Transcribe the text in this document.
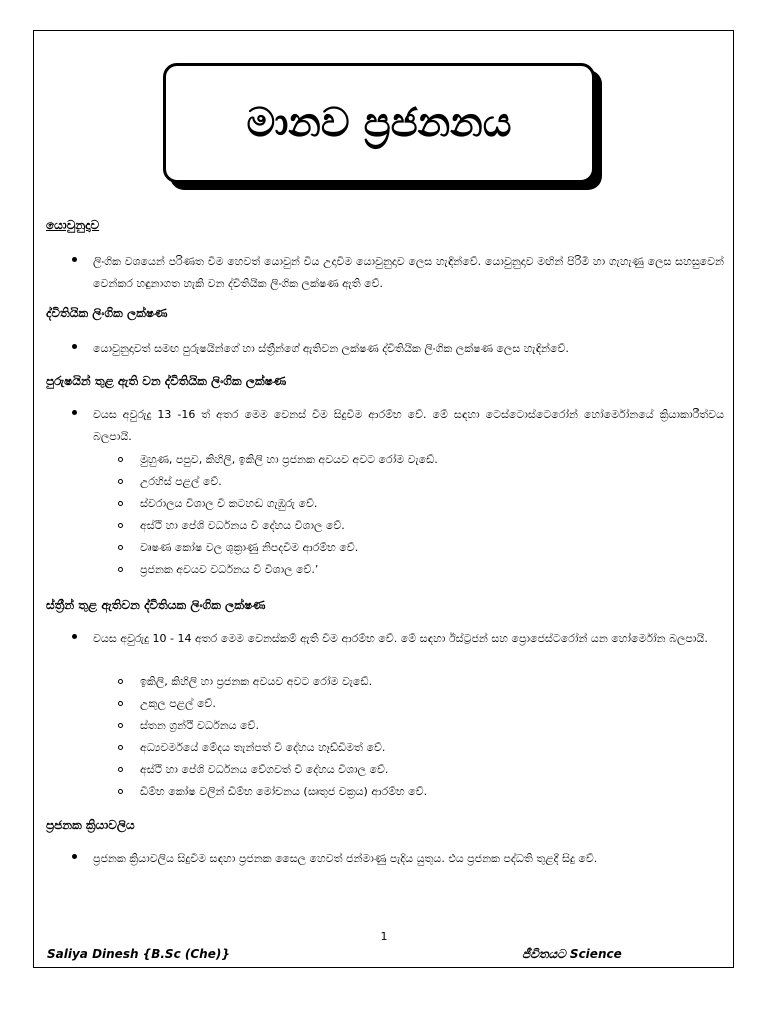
මානව ප්‍රජනනය
යොවුනුදාව
ලිංගික වශයෙන් පරිණත වීම හෙවත් යොවුන් විය උදාවීම යොවුනුදාව ලෙස හැඳින්වේ. යොවුනුදාව මඟින් පිරිමි හා ගැහැණු ලෙස සහසුවෙන් වෙන්කර හඳුනාගත හැකි වන ද්විතියික ලිංගික ලක්ෂණ ඇති වේ.
ද්විතියික ලිංගික ලක්ෂණ
යොවුනුදාවත් සමඟ පුරුෂයින්ගේ හා ස්ත්‍රීන්ගේ ඇතිවන ලක්ෂණ ද්විතියික ලිංගික ලක්ෂණ ලෙස හැඳින්වේ.
පුරුෂයින් තුළ ඇති වන ද්විතියික ලිංගික ලක්ෂණ
වයස අවුරුදු 13 -16 ත් අතර මෙම වෙනස් වීම සිදුවීම ආරම්භ වේ. මේ සඳහා ටෙස්ටොස්ටෙරෝන් හෝර්මෝනයේ ක්‍රියාකාරීත්වය බලපායි.
මුහුණ, පපුව, කිහිලි, ඉකිලි හා ප්‍රජනක අවයව අවට රෝම වැඩේ.
උරහිස් පළල් වේ.
ස්වරාලය විශාල වී කටහඬ ගැඹුරු වේ.
අස්ථි හා පේශි වර්ධනය වී දේහය විශාල වේ.
වෘෂණ කෝෂ වල ශුක්‍රාණු නිපදවීම ආරම්භ වේ.
ප්‍රජනක අවයව වර්ධනය වී විශාල වේ.’
ස්ත්‍රීන් තුළ ඇතිවන ද්විතියක ලිංගික ලක්ෂණ
වයස අවුරුදු 10 - 14 අතර මෙම වෙනස්කම් ඇති වීම ආරම්භ වේ. මේ සඳහා ඊස්ට්‍රජන් සහ ප්‍රොජෙස්ටරෝන් යන හෝර්මෝන බලපායි.
ඉකිලි, කිහිලි හා ප්‍රජනක අවයව අවට රෝම වැඩේ.
උකුල පළල් වේ.
ස්තන ග්‍රන්ථි වර්ධනය වේ.
අධ්‍යවර්මයේ මේදය තැන්පත් වී දේහය හෑඩ්ඩීමත් වේ.
අස්ථි හා පේශි වර්ධනය වේගවත් වී දේහය විශාල වේ.
ඩිම්භ කෝෂ වලින් ඩිම්භ මෝචනය (ඍතුජ චක්‍රය) ආරම්භ වේ.
ප්‍රජනක ක්‍රියාවලිය
ප්‍රජනක ක්‍රියාවලිය සිදුවීම සඳහා ප්‍රජනක සෛල හෙවත් ජන්මාණු පැදිය යුතුය. එය ප්‍රජනක පද්ධති තුළදී සිදු වේ.
1
Saliya Dinesh {B.Sc (Che)}	ජීවිතයට Science
